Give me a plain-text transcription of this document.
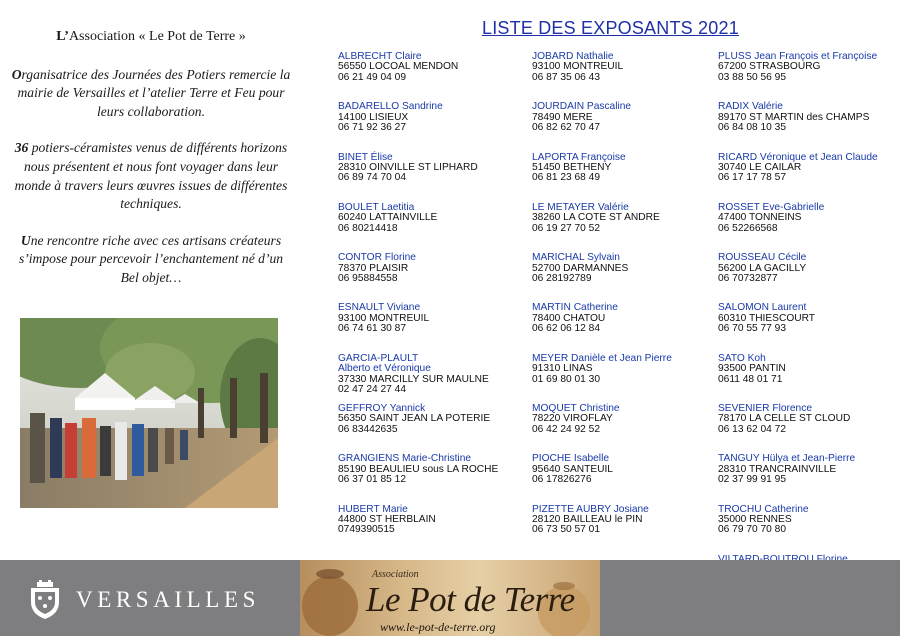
L’Association « Le Pot de Terre »

Organisatrice des Journées des Potiers remercie la mairie de Versailles et l’atelier Terre et Feu pour leurs collaboration.

36 potiers-céramistes venus de différents horizons nous présentent et nous font voyager dans leur monde à travers leurs œuvres issues de différentes techniques.

Une rencontre riche avec ces artisans créateurs s’impose pour percevoir l’enchantement né d’un Bel objet…

LISTE DES EXPOSANTS 2021
ALBRECHT Claire
56550 LOCOAL MENDON
06 21 49 04 09
BADARELLO Sandrine
14100 LISIEUX
06 71 92 36 27
BINET Élise
28310 OINVILLE ST LIPHARD
06 89 74 70 04
BOULET Laetitia
60240 LATTAINVILLE
06 80214418
CONTOR Florine
78370 PLAISIR
06 95884558
ESNAULT Viviane
93100 MONTREUIL
06 74 61 30 87
GARCIA-PLAULT
Alberto et Véronique
37330 MARCILLY SUR MAULNE
02 47 24 27 44
GEFFROY Yannick
56350 SAINT JEAN LA POTERIE
06 83442635
GRANGIENS Marie-Christine
85190 BEAULIEU sous LA ROCHE
06 37 01 85 12
HUBERT Marie
44800 ST HERBLAIN
0749390515
JOBARD Nathalie
93100 MONTREUIL
06 87 35 06 43
JOURDAIN Pascaline
78490 MERE
06 82 62 70 47
LAPORTA Françoise
51450 BETHENY
06 81 23 68 49
LE METAYER Valérie
38260 LA COTE ST ANDRE
06 19 27 70 52
MARICHAL Sylvain
52700 DARMANNES
06 28192789
MARTIN Catherine
78400 CHATOU
06 62 06 12 84
MEYER Danièle et Jean Pierre
91310 LINAS
01 69 80 01 30
MOQUET Christine
78220 VIROFLAY
06 42 24 92 52
PIOCHE Isabelle
95640 SANTEUIL
06 17826276
PIZETTE AUBRY Josiane
28120 BAILLEAU le PIN
06 73 50 57 01
PLUSS Jean François et Françoise
67200 STRASBOURG
03 88 50 56 95
RADIX Valérie
89170 ST MARTIN des CHAMPS
06 84 08 10 35
RICARD Véronique et Jean Claude
30740 LE CAILAR
06 17 17 78 57
ROSSET Eve-Gabrielle
47400 TONNEINS
06 52266568
ROUSSEAU Cécile
56200 LA GACILLY
06 70732877
SALOMON Laurent
60310 THIESCOURT
06 70 55 77 93
SATO Koh
93500 PANTIN
0611 48 01 71
SEVENIER Florence
78170 LA CELLE ST CLOUD
06 13 62 04 72
TANGUY Hülya et Jean-Pierre
28310 TRANCRAINVILLE
02 37 99 91 95
TROCHU Catherine
35000 RENNES
06 79 70 70 80
VERSAILLES
Association
Le Pot de Terre
www.le-pot-de-terre.org
